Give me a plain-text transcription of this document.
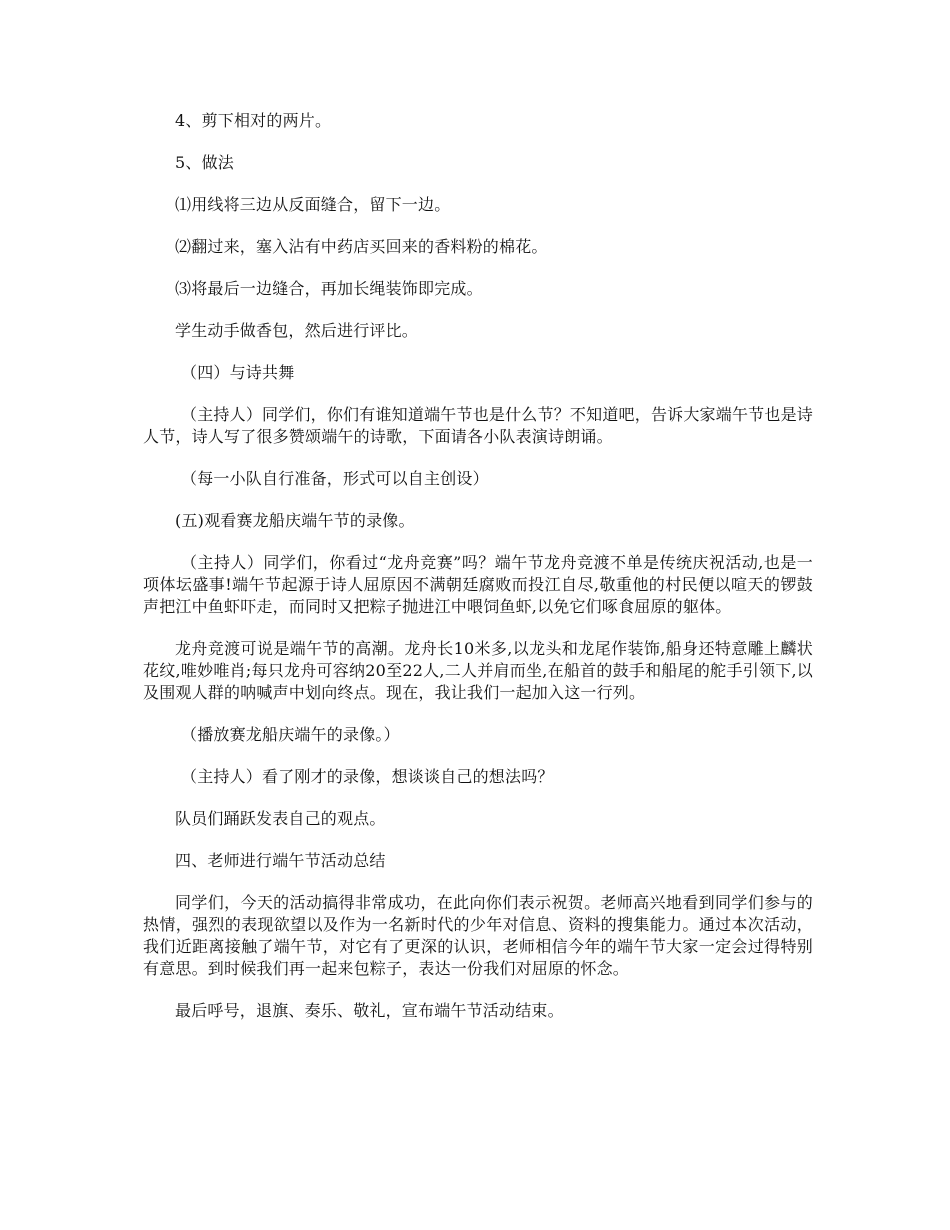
4、剪下相对的两片。

5、做法

⑴用线将三边从反面缝合，留下一边。

⑵翻过来，塞入沾有中药店买回来的香料粉的棉花。

⑶将最后一边缝合，再加长绳装饰即完成。

学生动手做香包，然后进行评比。

（四）与诗共舞

（主持人）同学们，你们有谁知道端午节也是什么节？不知道吧，告诉大家端午节也是诗人节，诗人写了很多赞颂端午的诗歌，下面请各小队表演诗朗诵。

（每一小队自行准备，形式可以自主创设）

(五)观看赛龙船庆端午节的录像。

（主持人）同学们，你看过“龙舟竞赛”吗？端午节龙舟竞渡不单是传统庆祝活动,也是一项体坛盛事!端午节起源于诗人屈原因不满朝廷腐败而投江自尽,敬重他的村民便以喧天的锣鼓声把江中鱼虾吓走，而同时又把粽子抛进江中喂饲鱼虾,以免它们啄食屈原的躯体。

龙舟竞渡可说是端午节的高潮。龙舟长10米多,以龙头和龙尾作装饰,船身还特意雕上麟状花纹,唯妙唯肖;每只龙舟可容纳20至22人,二人并肩而坐,在船首的鼓手和船尾的舵手引领下,以及围观人群的呐喊声中划向终点。现在，我让我们一起加入这一行列。

（播放赛龙船庆端午的录像。）

（主持人）看了刚才的录像，想谈谈自己的想法吗？

队员们踊跃发表自己的观点。

四、老师进行端午节活动总结

同学们，今天的活动搞得非常成功，在此向你们表示祝贺。老师高兴地看到同学们参与的热情，强烈的表现欲望以及作为一名新时代的少年对信息、资料的搜集能力。通过本次活动，我们近距离接触了端午节，对它有了更深的认识，老师相信今年的端午节大家一定会过得特别有意思。到时候我们再一起来包粽子，表达一份我们对屈原的怀念。

最后呼号，退旗、奏乐、敬礼，宣布端午节活动结束。
